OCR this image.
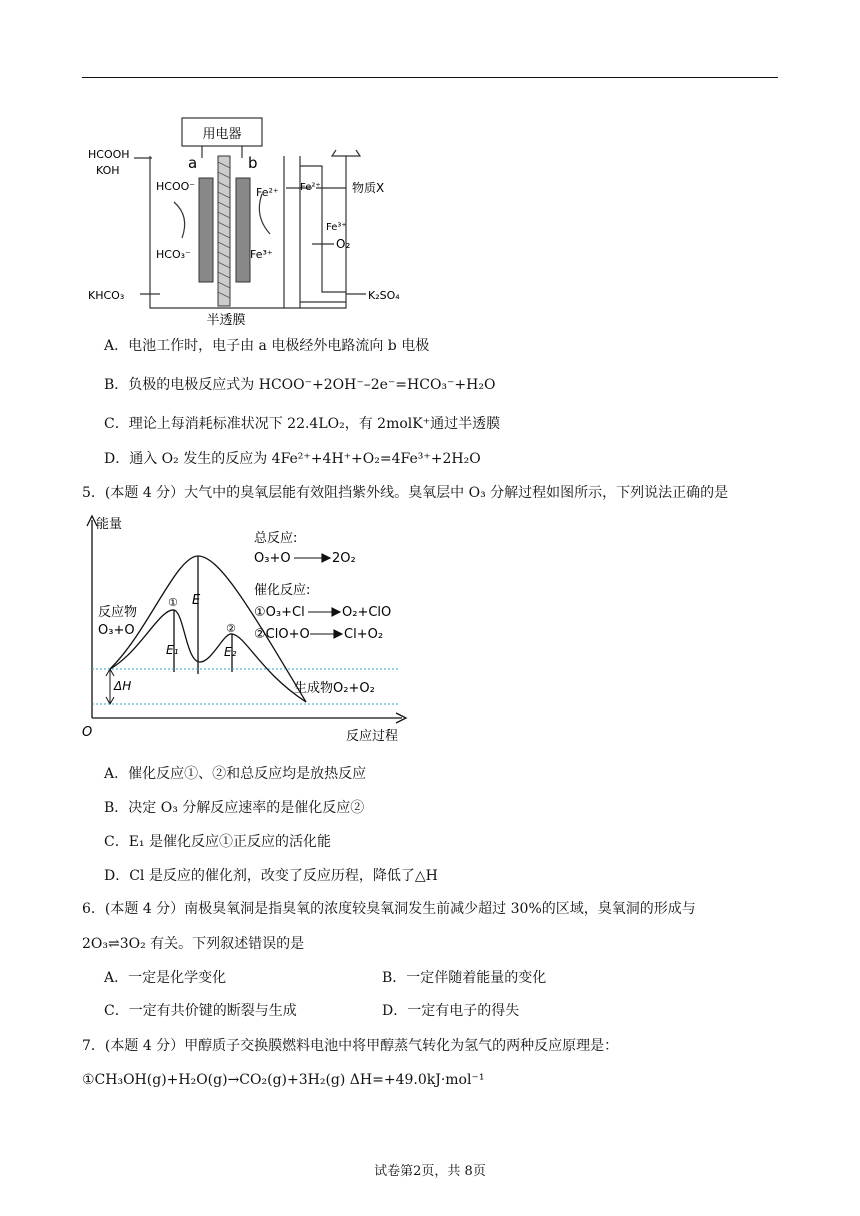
用电器
HCOOH
KOH	a	b
HCOO⁻
HCO₃⁻
Fe²⁺
Fe³⁺
Fe²⁺
Fe³⁺
物质X
O₂
KHCO₃	K₂SO₄
半透膜
A．电池工作时，电子由 a 电极经外电路流向 b 电极
B．负极的电极反应式为 HCOO⁻+2OH⁻–2e⁻=HCO₃⁻+H₂O
C．理论上每消耗标准状况下 22.4LO₂，有 2molK⁺通过半透膜
D．通入 O₂ 发生的反应为 4Fe²⁺+4H⁺+O₂=4Fe³⁺+2H₂O
5．(本题 4 分）大气中的臭氧层能有效阻挡紫外线。臭氧层中 O₃ 分解过程如图所示，下列说法正确的是
能量
反应过程
O
反应物
O₃+O
生成物O₂+O₂
ΔH
E
E₁	E₂
①
②
总反应:
O₃+O	2O₂
催化反应:
①O₃+Cl	O₂+ClO
②ClO+O	Cl+O₂
A．催化反应①、②和总反应均是放热反应
B．决定 O₃ 分解反应速率的是催化反应②
C．E₁ 是催化反应①正反应的活化能
D．Cl 是反应的催化剂，改变了反应历程，降低了△H
6．(本题 4 分）南极臭氧洞是指臭氧的浓度较臭氧洞发生前减少超过 30%的区域，臭氧洞的形成与
2O₃⇌3O₂ 有关。下列叙述错误的是
A．一定是化学变化	B．一定伴随着能量的变化
C．一定有共价键的断裂与生成	D．一定有电子的得失
7．(本题 4 分）甲醇质子交换膜燃料电池中将甲醇蒸气转化为氢气的两种反应原理是：
①CH₃OH(g)+H₂O(g)→CO₂(g)+3H₂(g) ΔH=+49.0kJ·mol⁻¹
试卷第2页，共 8页
